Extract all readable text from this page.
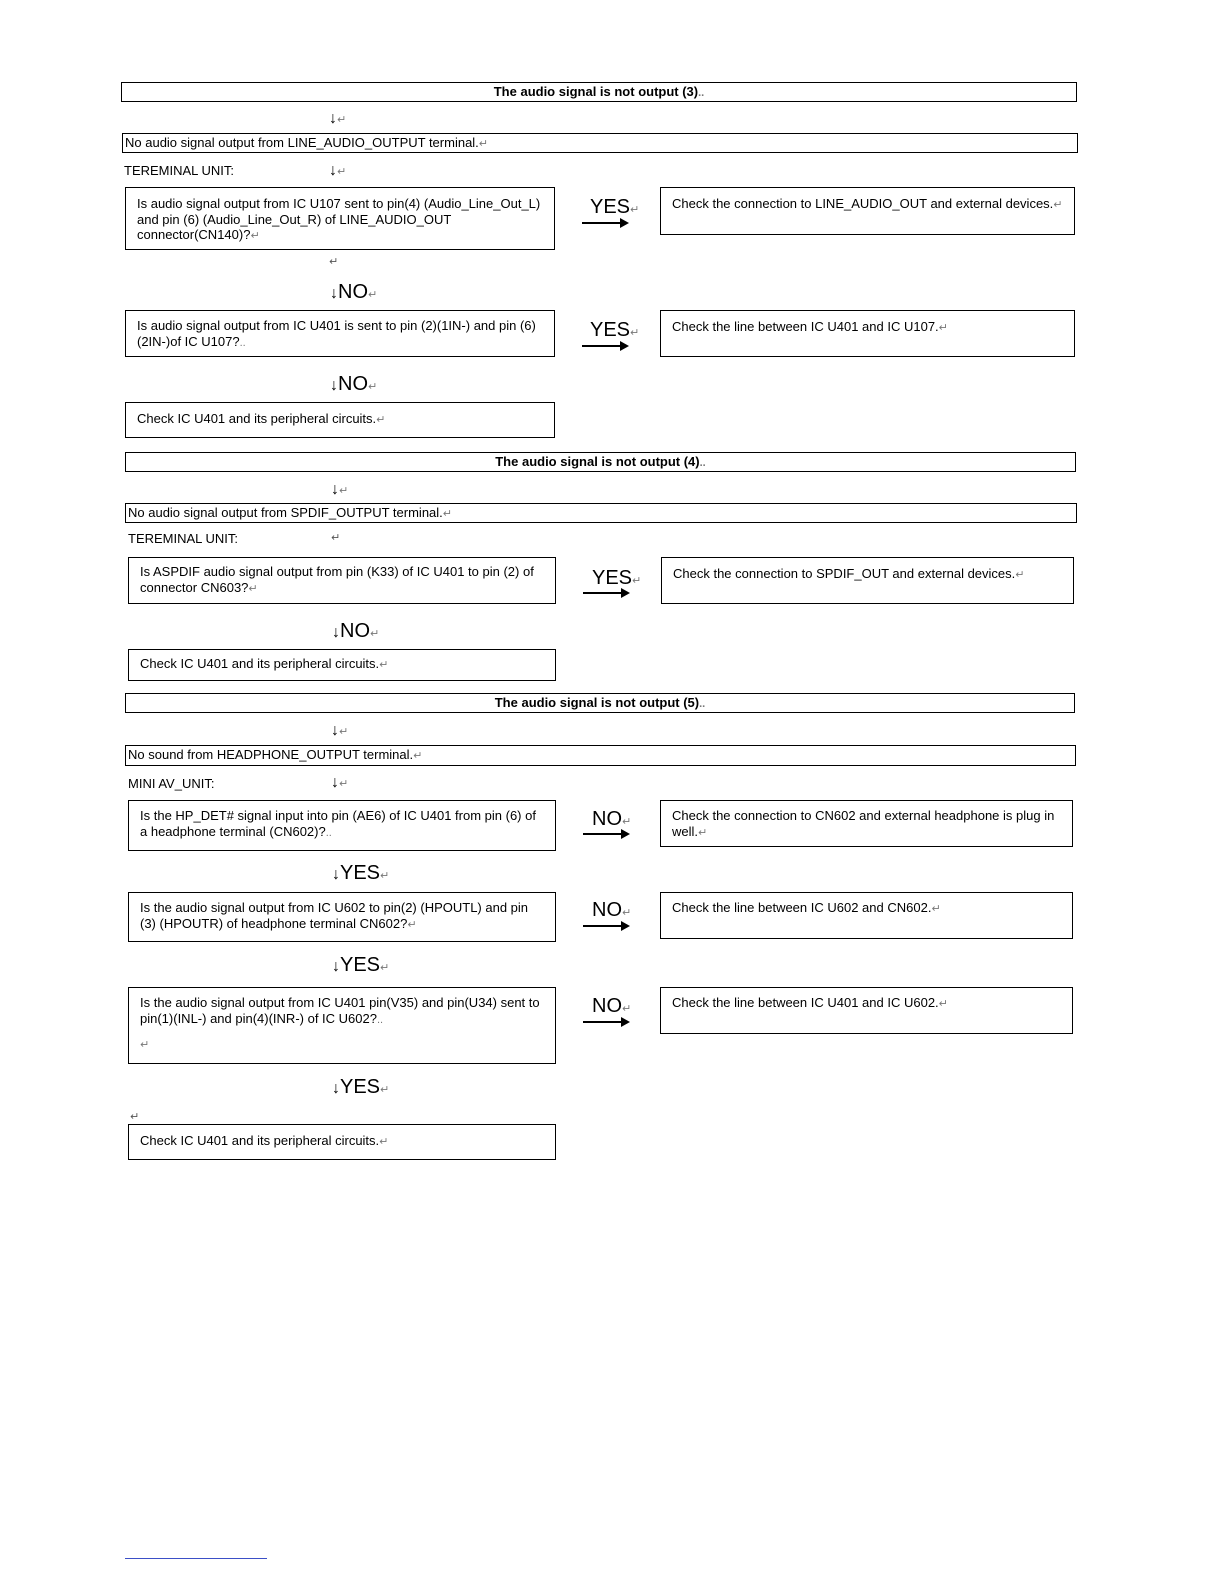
The audio signal is not output (3)..
↓↵
No audio signal output from LINE_AUDIO_OUTPUT terminal.↵
TEREMINAL UNIT:	↓↵
Is audio signal output from IC U107 sent to pin(4) (Audio_Line_Out_L) and pin (6) (Audio_Line_Out_R) of LINE_AUDIO_OUT connector(CN140)?↵
YES↵	Check the connection to LINE_AUDIO_OUT and external devices.↵
↵
↓NO↵
Is audio signal output from IC U401 is sent to pin (2)(1IN-) and pin (6)(2IN-)of IC U107?..
YES↵	Check the line between IC U401 and IC U107.↵
↓NO↵
Check IC U401 and its peripheral circuits.↵
The audio signal is not output (4)..
↓↵
No audio signal output from SPDIF_OUTPUT terminal.↵
TEREMINAL UNIT:	↵
Is ASPDIF audio signal output from pin (K33) of IC U401 to pin (2) of connector CN603?↵	YES↵	Check the connection to SPDIF_OUT and external devices.↵
↓NO↵
Check IC U401 and its peripheral circuits.↵
The audio signal is not output (5)..
↓↵
No sound from HEADPHONE_OUTPUT terminal.↵
MINI AV_UNIT:	↓↵
Is the HP_DET# signal input into pin (AE6) of IC U401 from pin (6) of a headphone terminal (CN602)?..
NO↵	Check the connection to CN602 and external headphone is plug in well.↵
↓YES↵
Is the audio signal output from IC U602 to pin(2) (HPOUTL) and pin (3) (HPOUTR) of headphone terminal CN602?↵
NO↵	Check the line between IC U602 and CN602.↵
↓YES↵
Is the audio signal output from IC U401 pin(V35) and pin(U34) sent to pin(1)(INL-) and pin(4)(INR-) of IC U602?..
↵
NO↵	Check the line between IC U401 and IC U602.↵
↓YES↵
↵
Check IC U401 and its peripheral circuits.↵
